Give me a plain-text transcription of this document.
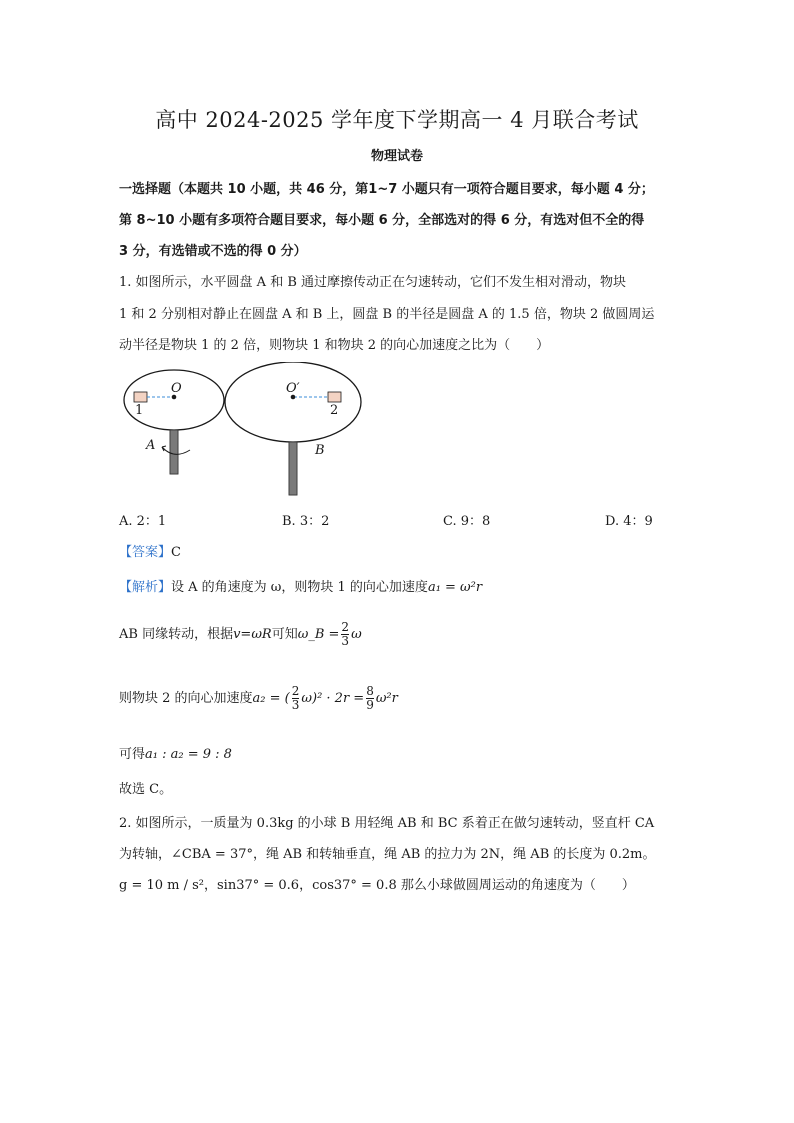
高中 2024-2025 学年度下学期高一 4 月联合考试
物理试卷
一选择题（本题共 10 小题，共 46 分，第1~7 小题只有一项符合题目要求，每小题 4 分；
第 8~10 小题有多项符合题目要求，每小题 6 分，全部选对的得 6 分，有选对但不全的得
3 分，有选错或不选的得 0 分）
1. 如图所示，水平圆盘 A 和 B 通过摩擦传动正在匀速转动，它们不发生相对滑动，物块
1 和 2 分别相对静止在圆盘 A 和 B 上，圆盘 B 的半径是圆盘 A 的 1.5 倍，物块 2 做圆周运
动半径是物块 1 的 2 倍，则物块 1 和物块 2 的向心加速度之比为（　　）
O	O′
1	2
A	B
A. 2：1	B. 3：2	C. 9：8	D. 4：9
【答案】C
【解析】设 A 的角速度为 ω，则物块 1 的向心加速度a₁ = ω²r
AB 同缘转动，根据v=ωR可知ω_B = $\frac{2}{3}$ ω
则物块 2 的向心加速度a₂ = ( $\frac{2}{3} \omega)^2 \cdot 2r = \frac{8}{9} \omega^2r$
可得a₁ : a₂ = 9 : 8
故选 C。
2. 如图所示，一质量为 0.3kg 的小球 B 用轻绳 AB 和 BC 系着正在做匀速转动，竖直杆 CA
为转轴，∠CBA = 37°，绳 AB 和转轴垂直，绳 AB 的拉力为 2N，绳 AB 的长度为 0.2m。
g = 10 m / s²，sin37° = 0.6，cos37° = 0.8 那么小球做圆周运动的角速度为（　　）
